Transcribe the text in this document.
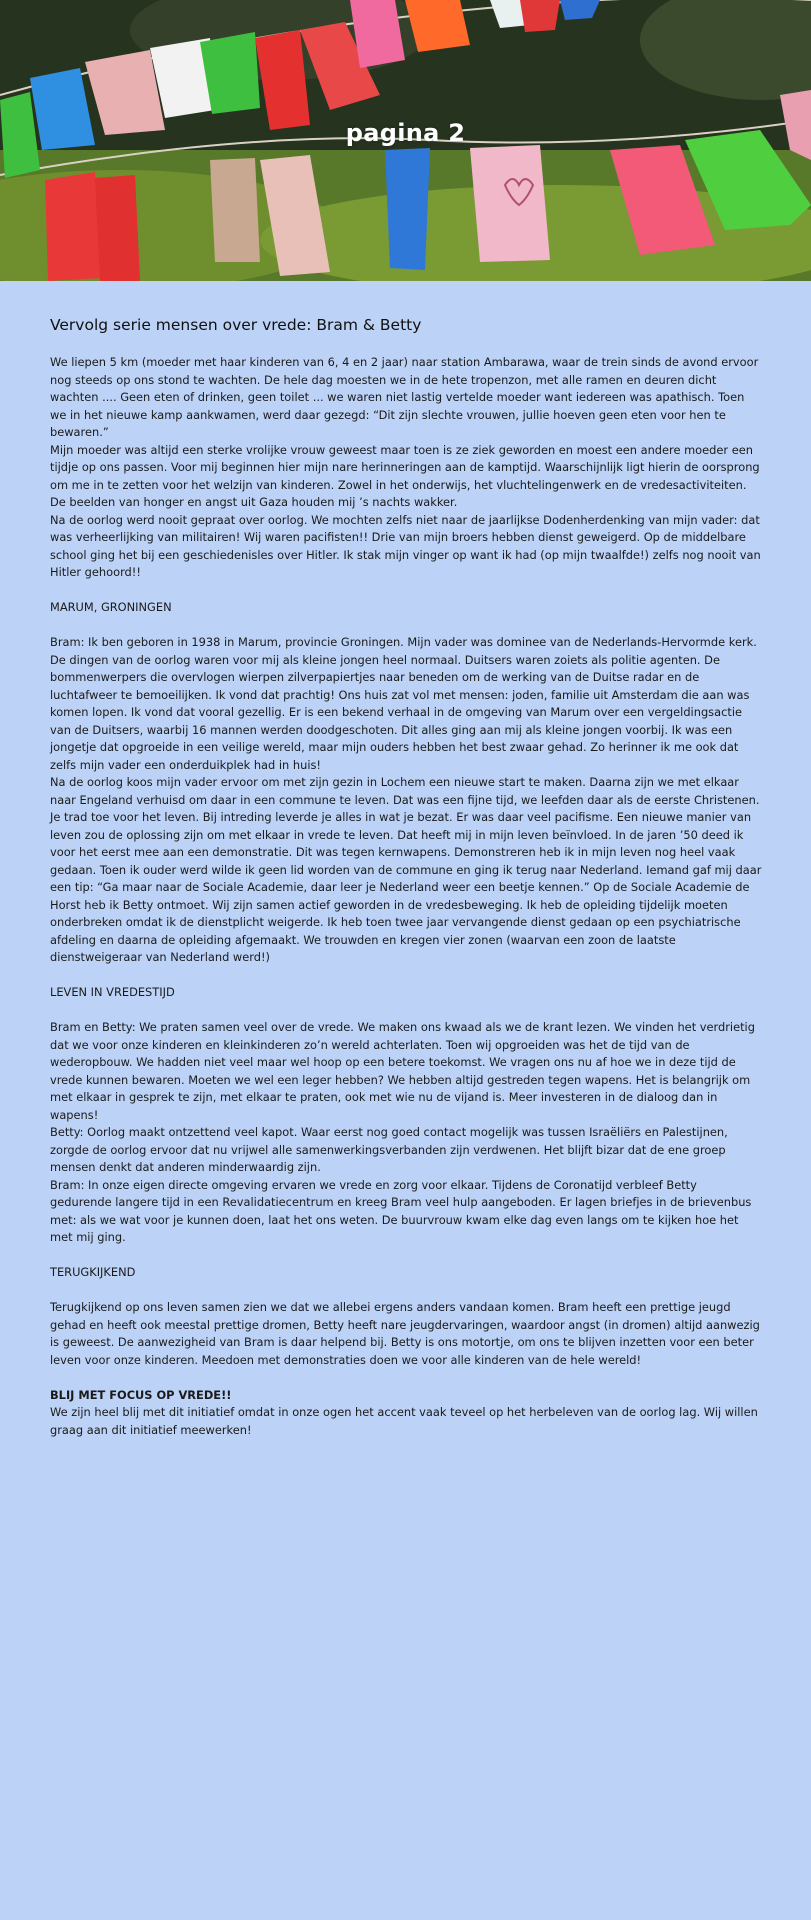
pagina 2
Vervolg serie mensen over vrede: Bram & Betty

We liepen 5 km (moeder met haar kinderen van 6, 4 en 2 jaar) naar station Ambarawa, waar de trein sinds de avond ervoor nog steeds op ons stond te wachten. De hele dag moesten we in de hete tropenzon, met alle ramen en deuren dicht wachten .... Geen eten of drinken, geen toilet ... we waren niet lastig vertelde moeder want iedereen was apathisch. Toen we in het nieuwe kamp aankwamen, werd daar gezegd: “Dit zijn slechte vrouwen, jullie hoeven geen eten voor hen te bewaren.”
Mijn moeder was altijd een sterke vrolijke vrouw geweest maar toen is ze ziek geworden en moest een andere moeder een tijdje op ons passen. Voor mij beginnen hier mijn nare herinneringen aan de kamptijd. Waarschijnlijk ligt hierin de oorsprong om me in te zetten voor het welzijn van kinderen. Zowel in het onderwijs, het vluchtelingenwerk en de vredesactiviteiten. De beelden van honger en angst uit Gaza houden mij ’s nachts wakker.
Na de oorlog werd nooit gepraat over oorlog. We mochten zelfs niet naar de jaarlijkse Dodenherdenking van mijn vader: dat was verheerlijking van militairen! Wij waren pacifisten!! Drie van mijn broers hebben dienst geweigerd. Op de middelbare school ging het bij een geschiedenisles over Hitler. Ik stak mijn vinger op want ik had (op mijn twaalfde!) zelfs nog nooit van Hitler gehoord!!

MARUM, GRONINGEN

Bram: Ik ben geboren in 1938 in Marum, provincie Groningen. Mijn vader was dominee van de Nederlands-Hervormde kerk. De dingen van de oorlog waren voor mij als kleine jongen heel normaal. Duitsers waren zoiets als politie agenten. De bommenwerpers die overvlogen wierpen zilverpapiertjes naar beneden om de werking van de Duitse radar en de luchtafweer te bemoeilijken. Ik vond dat prachtig! Ons huis zat vol met mensen: joden, familie uit Amsterdam die aan was komen lopen. Ik vond dat vooral gezellig. Er is een bekend verhaal in de omgeving van Marum over een vergeldingsactie van de Duitsers, waarbij 16 mannen werden doodgeschoten. Dit alles ging aan mij als kleine jongen voorbij. Ik was een jongetje dat opgroeide in een veilige wereld, maar mijn ouders hebben het best zwaar gehad. Zo herinner ik me ook dat zelfs mijn vader een onderduikplek had in huis!
Na de oorlog koos mijn vader ervoor om met zijn gezin in Lochem een nieuwe start te maken. Daarna zijn we met elkaar naar Engeland verhuisd om daar in een commune te leven. Dat was een fijne tijd, we leefden daar als de eerste Christenen. Je trad toe voor het leven. Bij intreding leverde je alles in wat je bezat. Er was daar veel pacifisme. Een nieuwe manier van leven zou de oplossing zijn om met elkaar in vrede te leven. Dat heeft mij in mijn leven beïnvloed. In de jaren ’50 deed ik voor het eerst mee aan een demonstratie. Dit was tegen kernwapens. Demonstreren heb ik in mijn leven nog heel vaak gedaan. Toen ik ouder werd wilde ik geen lid worden van de commune en ging ik terug naar Nederland. Iemand gaf mij daar een tip: “Ga maar naar de Sociale Academie, daar leer je Nederland weer een beetje kennen.” Op de Sociale Academie de Horst heb ik Betty ontmoet. Wij zijn samen actief geworden in de vredesbeweging. Ik heb de opleiding tijdelijk moeten onderbreken omdat ik de dienstplicht weigerde. Ik heb toen twee jaar vervangende dienst gedaan op een psychiatrische afdeling en daarna de opleiding afgemaakt. We trouwden en kregen vier zonen (waarvan een zoon de laatste dienstweigeraar van Nederland werd!)

LEVEN IN VREDESTIJD

Bram en Betty: We praten samen veel over de vrede. We maken ons kwaad als we de krant lezen. We vinden het verdrietig dat we voor onze kinderen en kleinkinderen zo’n wereld achterlaten. Toen wij opgroeiden was het de tijd van de wederopbouw. We hadden niet veel maar wel hoop op een betere toekomst. We vragen ons nu af hoe we in deze tijd de vrede kunnen bewaren. Moeten we wel een leger hebben? We hebben altijd gestreden tegen wapens. Het is belangrijk om met elkaar in gesprek te zijn, met elkaar te praten, ook met wie nu de vijand is. Meer investeren in de dialoog dan in wapens!
Betty: Oorlog maakt ontzettend veel kapot. Waar eerst nog goed contact mogelijk was tussen Israëliërs en Palestijnen, zorgde de oorlog ervoor dat nu vrijwel alle samenwerkingsverbanden zijn verdwenen. Het blijft bizar dat de ene groep mensen denkt dat anderen minderwaardig zijn.
Bram: In onze eigen directe omgeving ervaren we vrede en zorg voor elkaar. Tijdens de Coronatijd verbleef Betty gedurende langere tijd in een Revalidatiecentrum en kreeg Bram veel hulp aangeboden. Er lagen briefjes in de brievenbus met: als we wat voor je kunnen doen, laat het ons weten. De buurvrouw kwam elke dag even langs om te kijken hoe het met mij ging.

TERUGKIJKEND

Terugkijkend op ons leven samen zien we dat we allebei ergens anders vandaan komen. Bram heeft een prettige jeugd gehad en heeft ook meestal prettige dromen, Betty heeft nare jeugdervaringen, waardoor angst (in dromen) altijd aanwezig is geweest. De aanwezigheid van Bram is daar helpend bij. Betty is ons motortje, om ons te blijven inzetten voor een beter leven voor onze kinderen. Meedoen met demonstraties doen we voor alle kinderen van de hele wereld!

BLIJ MET FOCUS OP VREDE!!

We zijn heel blij met dit initiatief omdat in onze ogen het accent vaak teveel op het herbeleven van de oorlog lag. Wij willen graag aan dit initiatief meewerken!
